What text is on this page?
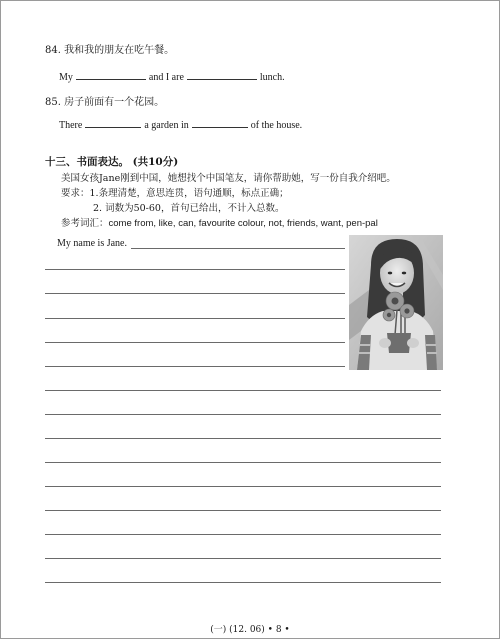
84. 我和我的朋友在吃午餐。
My	and I are	lunch.
85. 房子前面有一个花园。
There	a garden in	of the house.
十三、书面表达。 (共10分)
美国女孩Jane刚到中国，她想找个中国笔友，请你帮助她，写一份自我介绍吧。
要求：1.条理清楚，意思连贯，语句通顺，标点正确；
2. 词数为50-60，首句已给出，不计入总数。
参考词汇：come from, like, can, favourite colour, not, friends, want, pen-pal
My name is Jane.
(一) (12. 06) • 8 •
